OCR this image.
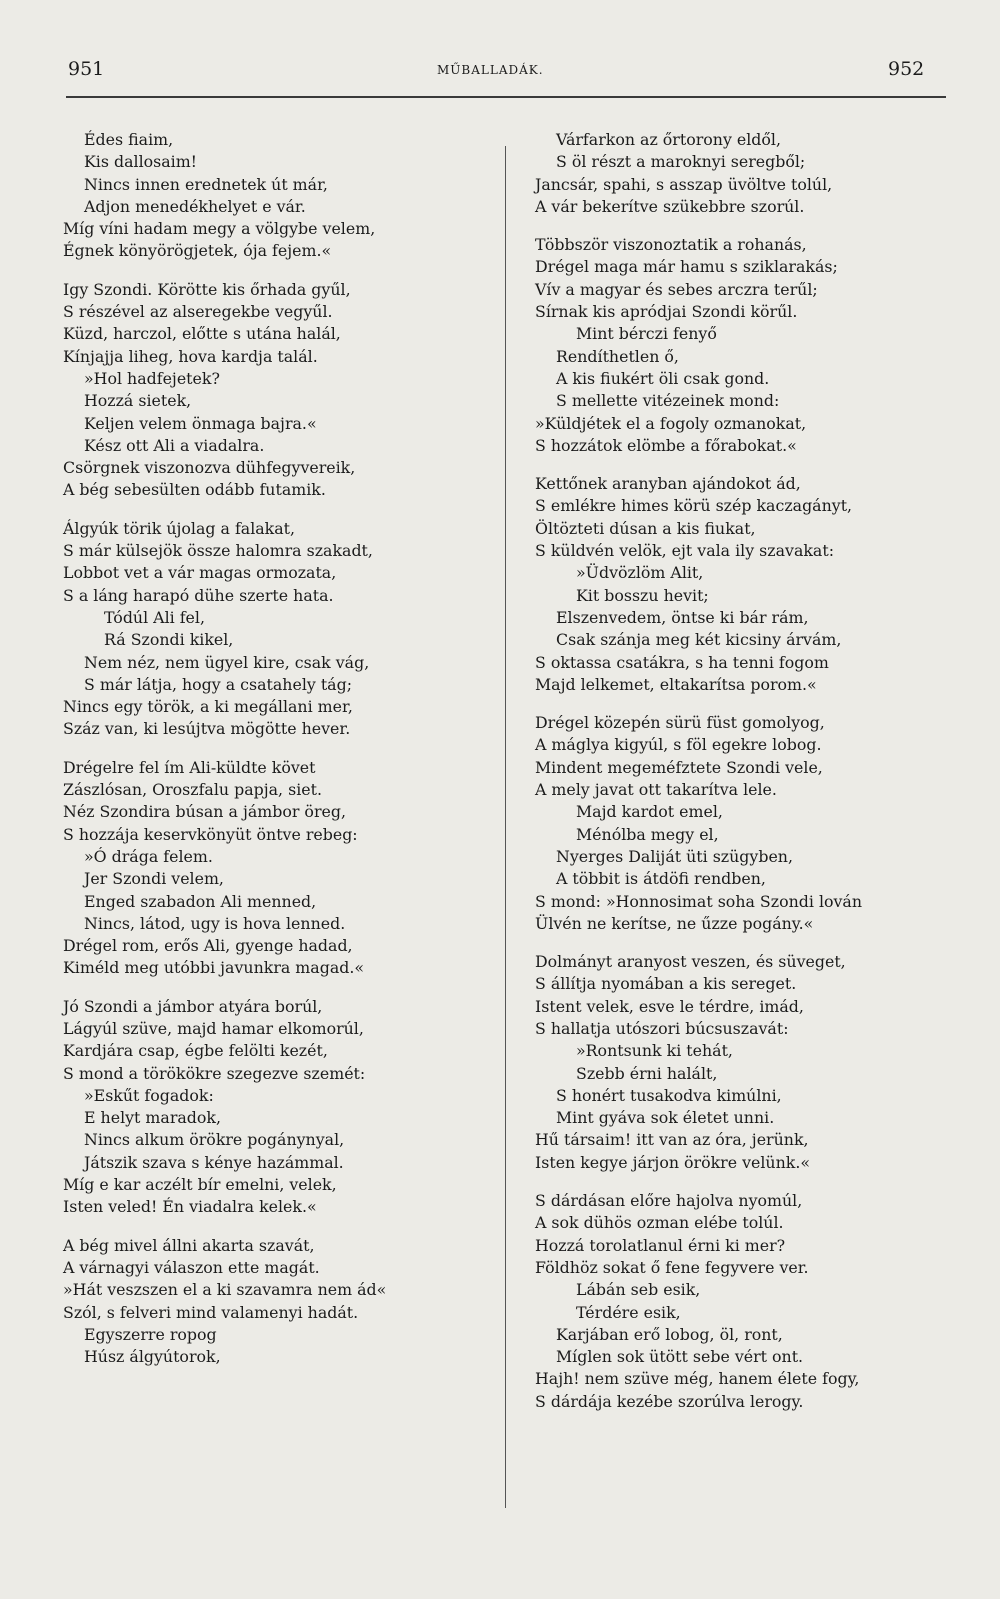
951	MŰBALLADÁK.	952
Édes fiaim,
Kis dallosaim!
Nincs innen erednetek út már,
Adjon menedékhelyet e vár.
Míg víni hadam megy a völgybe velem,
Égnek könyörögjetek, ója fejem.«
Igy Szondi. Körötte kis őrhada gyűl,
S részével az alseregekbe vegyűl.
Küzd, harczol, előtte s utána halál,
Kínjajja liheg, hova kardja talál.
»Hol hadfejetek?
Hozzá sietek,
Keljen velem önmaga bajra.«
Kész ott Ali a viadalra.
Csörgnek viszonozva dühfegyvereik,
A bég sebesülten odább futamik.
Álgyúk törik újolag a falakat,
S már külsejök össze halomra szakadt,
Lobbot vet a vár magas ormozata,
S a láng harapó dühe szerte hata.
Tódúl Ali fel,
Rá Szondi kikel,
Nem néz, nem ügyel kire, csak vág,
S már látja, hogy a csatahely tág;
Nincs egy török, a ki megállani mer,
Száz van, ki lesújtva mögötte hever.
Drégelre fel ím Ali-küldte követ
Zászlósan, Oroszfalu papja, siet.
Néz Szondira búsan a jámbor öreg,
S hozzája keservkönyüt öntve rebeg:
»Ó drága felem.
Jer Szondi velem,
Enged szabadon Ali menned,
Nincs, látod, ugy is hova lenned.
Drégel rom, erős Ali, gyenge hadad,
Kiméld meg utóbbi javunkra magad.«
Jó Szondi a jámbor atyára borúl,
Lágyúl szüve, majd hamar elkomorúl,
Kardjára csap, égbe felölti kezét,
S mond a törökökre szegezve szemét:
»Eskűt fogadok:
E helyt maradok,
Nincs alkum örökre pogánynyal,
Játszik szava s kénye hazámmal.
Míg e kar aczélt bír emelni, velek,
Isten veled! Én viadalra kelek.«
A bég mivel állni akarta szavát,
A várnagyi válaszon ette magát.
»Hát veszszen el a ki szavamra nem ád«
Szól, s felveri mind valamenyi hadát.
Egyszerre ropog
Húsz álgyútorok,
Várfarkon az őrtorony eldől,
S öl részt a maroknyi seregből;
Jancsár, spahi, s asszap üvöltve tolúl,
A vár bekerítve szükebbre szorúl.
Többször viszonoztatik a rohanás,
Drégel maga már hamu s sziklarakás;
Vív a magyar és sebes arczra terűl;
Sírnak kis apródjai Szondi körűl.
Mint bérczi fenyő
Rendíthetlen ő,
A kis fiukért öli csak gond.
S mellette vitézeinek mond:
»Küldjétek el a fogoly ozmanokat,
S hozzátok elömbe a főrabokat.«
Kettőnek aranyban ajándokot ád,
S emlékre himes körü szép kaczagányt,
Öltözteti dúsan a kis fiukat,
S küldvén velök, ejt vala ily szavakat:
»Üdvözlöm Alit,
Kit bosszu hevit;
Elszenvedem, öntse ki bár rám,
Csak szánja meg két kicsiny árvám,
S oktassa csatákra, s ha tenni fogom
Majd lelkemet, eltakarítsa porom.«
Drégel közepén sürü füst gomolyog,
A máglya kigyúl, s föl egekre lobog.
Mindent megeméfztete Szondi vele,
A mely javat ott takarítva lele.
Majd kardot emel,
Ménólba megy el,
Nyerges Daliját üti szügyben,
A többit is átdöfi rendben,
S mond: »Honnosimat soha Szondi lován
Ülvén ne kerítse, ne űzze pogány.«
Dolmányt aranyost veszen, és süveget,
S állítja nyomában a kis sereget.
Istent velek, esve le térdre, imád,
S hallatja utószori búcsuszavát:
»Rontsunk ki tehát,
Szebb érni halált,
S honért tusakodva kimúlni,
Mint gyáva sok életet unni.
Hű társaim! itt van az óra, jerünk,
Isten kegye járjon örökre velünk.«
S dárdásan előre hajolva nyomúl,
A sok dühös ozman elébe tolúl.
Hozzá torolatlanul érni ki mer?
Földhöz sokat ő fene fegyvere ver.
Lábán seb esik,
Térdére esik,
Karjában erő lobog, öl, ront,
Míglen sok ütött sebe vért ont.
Hajh! nem szüve még, hanem élete fogy,
S dárdája kezébe szorúlva lerogy.
